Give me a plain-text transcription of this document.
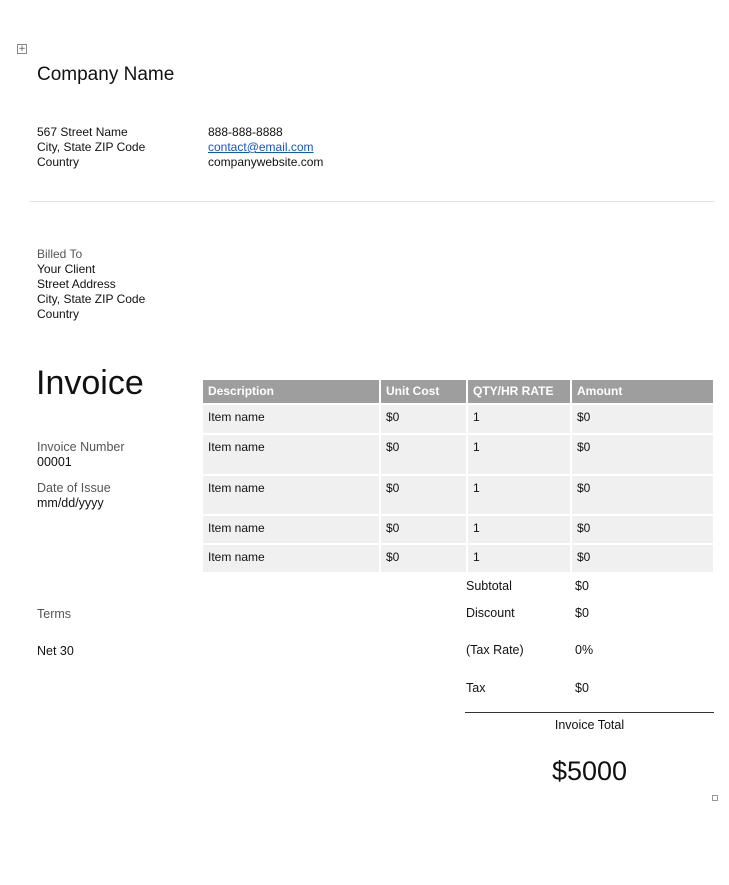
+
Company Name
567 Street Name
City, State ZIP Code
Country
888-888-8888
contact@email.com
companywebsite.com
Billed To
Your Client
Street Address
City, State ZIP Code
Country
Invoice
Invoice Number
00001
Date of Issue
mm/dd/yyyy
Description	Unit Cost	QTY/HR RATE	Amount
Item name	$0	1	$0
Item name	$0	1	$0
Item name	$0	1	$0
Item name	$0	1	$0
Item name	$0	1	$0
Subtotal	$0
Terms	Discount	$0
Net 30	(Tax Rate)	0%
Tax	$0
Invoice Total
$5000
